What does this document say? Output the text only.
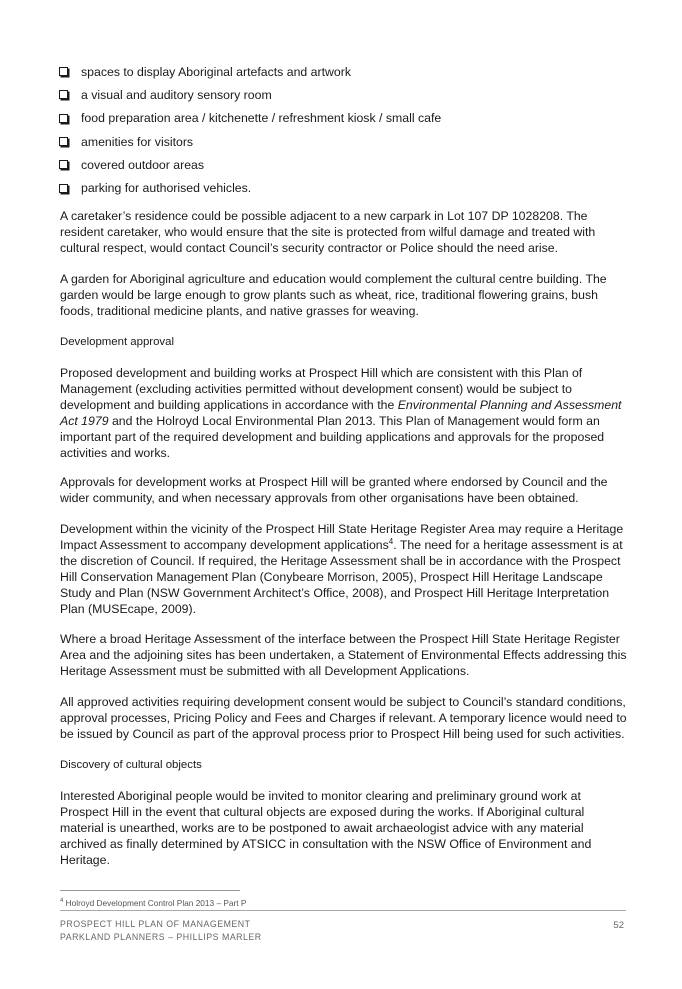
spaces to display Aboriginal artefacts and artwork
a visual and auditory sensory room
food preparation area / kitchenette / refreshment kiosk / small cafe
amenities for visitors
covered outdoor areas
parking for authorised vehicles.

A caretaker’s residence could be possible adjacent to a new carpark in Lot 107 DP 1028208. The resident caretaker, who would ensure that the site is protected from wilful damage and treated with cultural respect, would contact Council’s security contractor or Police should the need arise.

A garden for Aboriginal agriculture and education would complement the cultural centre building. The garden would be large enough to grow plants such as wheat, rice, traditional flowering grains, bush foods, traditional medicine plants, and native grasses for weaving.

Development approval

Proposed development and building works at Prospect Hill which are consistent with this Plan of Management (excluding activities permitted without development consent) would be subject to development and building applications in accordance with the Environmental Planning and Assessment Act 1979 and the Holroyd Local Environmental Plan 2013. This Plan of Management would form an important part of the required development and building applications and approvals for the proposed activities and works.

Approvals for development works at Prospect Hill will be granted where endorsed by Council and the wider community, and when necessary approvals from other organisations have been obtained.

Development within the vicinity of the Prospect Hill State Heritage Register Area may require a Heritage Impact Assessment to accompany development applications$^4$. The need for a heritage assessment is at the discretion of Council. If required, the Heritage Assessment shall be in accordance with the Prospect Hill Conservation Management Plan (Conybeare Morrison, 2005), Prospect Hill Heritage Landscape Study and Plan (NSW Government Architect’s Office, 2008), and Prospect Hill Heritage Interpretation Plan (MUSEcape, 2009).

Where a broad Heritage Assessment of the interface between the Prospect Hill State Heritage Register Area and the adjoining sites has been undertaken, a Statement of Environmental Effects addressing this Heritage Assessment must be submitted with all Development Applications.

All approved activities requiring development consent would be subject to Council’s standard conditions, approval processes, Pricing Policy and Fees and Charges if relevant. A temporary licence would need to be issued by Council as part of the approval process prior to Prospect Hill being used for such activities.

Discovery of cultural objects

Interested Aboriginal people would be invited to monitor clearing and preliminary ground work at Prospect Hill in the event that cultural objects are exposed during the works. If Aboriginal cultural material is unearthed, works are to be postponed to await archaeologist advice with any material archived as finally determined by ATSICC in consultation with the NSW Office of Environment and Heritage.

$^4$ Holroyd Development Control Plan 2013 – Part P
PROSPECT HILL PLAN OF MANAGEMENT
PARKLAND PLANNERS – PHILLIPS MARLER
52
